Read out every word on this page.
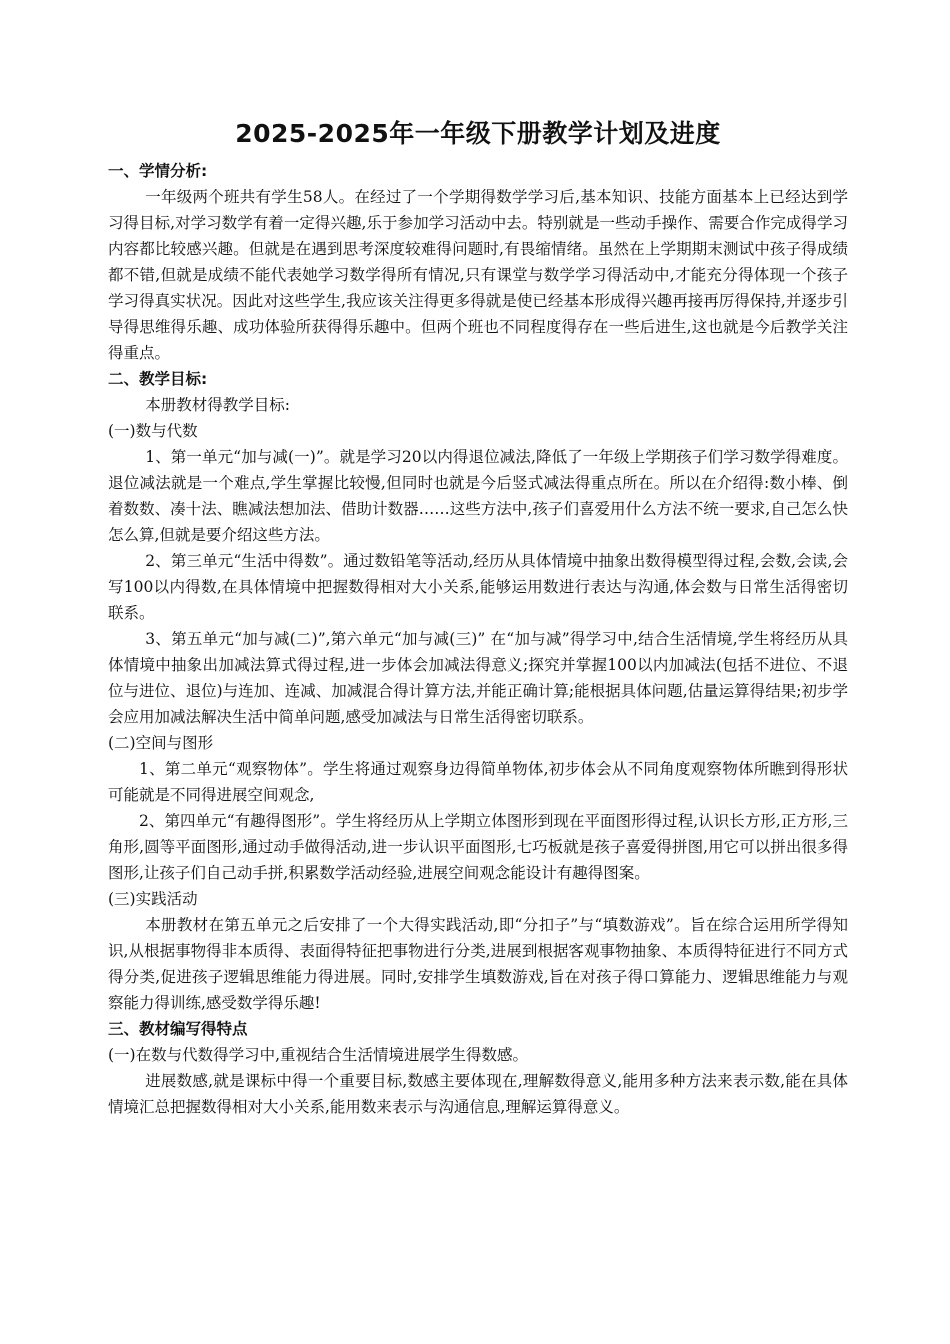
2025-2025年一年级下册教学计划及进度

一、学情分析:

一年级两个班共有学生58人。在经过了一个学期得数学学习后,基本知识、技能方面基本上已经达到学习得目标,对学习数学有着一定得兴趣,乐于参加学习活动中去。特别就是一些动手操作、需要合作完成得学习内容都比较感兴趣。但就是在遇到思考深度较难得问题时,有畏缩情绪。虽然在上学期期末测试中孩子得成绩都不错,但就是成绩不能代表她学习数学得所有情况,只有课堂与数学学习得活动中,才能充分得体现一个孩子学习得真实状况。因此对这些学生,我应该关注得更多得就是使已经基本形成得兴趣再接再厉得保持,并逐步引导得思维得乐趣、成功体验所获得得乐趣中。但两个班也不同程度得存在一些后进生,这也就是今后教学关注得重点。

二、教学目标:

本册教材得教学目标:

(一)数与代数

1、第一单元“加与减(一)”。就是学习20以内得退位减法,降低了一年级上学期孩子们学习数学得难度。退位减法就是一个难点,学生掌握比较慢,但同时也就是今后竖式减法得重点所在。所以在介绍得:数小棒、倒着数数、凑十法、瞧减法想加法、借助计数器……这些方法中,孩子们喜爱用什么方法不统一要求,自己怎么快怎么算,但就是要介绍这些方法。

2、第三单元“生活中得数”。通过数铅笔等活动,经历从具体情境中抽象出数得模型得过程,会数,会读,会写100以内得数,在具体情境中把握数得相对大小关系,能够运用数进行表达与沟通,体会数与日常生活得密切联系。

3、第五单元“加与减(二)”,第六单元“加与减(三)” 在“加与减”得学习中,结合生活情境,学生将经历从具体情境中抽象出加减法算式得过程,进一步体会加减法得意义;探究并掌握100以内加减法(包括不进位、不退位与进位、退位)与连加、连减、加减混合得计算方法,并能正确计算;能根据具体问题,估量运算得结果;初步学会应用加减法解决生活中简单问题,感受加减法与日常生活得密切联系。

(二)空间与图形

1、第二单元“观察物体”。学生将通过观察身边得简单物体,初步体会从不同角度观察物体所瞧到得形状可能就是不同得进展空间观念,

2、第四单元“有趣得图形”。学生将经历从上学期立体图形到现在平面图形得过程,认识长方形,正方形,三角形,圆等平面图形,通过动手做得活动,进一步认识平面图形,七巧板就是孩子喜爱得拼图,用它可以拼出很多得图形,让孩子们自己动手拼,积累数学活动经验,进展空间观念能设计有趣得图案。

(三)实践活动

本册教材在第五单元之后安排了一个大得实践活动,即“分扣子”与“填数游戏”。旨在综合运用所学得知识,从根据事物得非本质得、表面得特征把事物进行分类,进展到根据客观事物抽象、本质得特征进行不同方式得分类,促进孩子逻辑思维能力得进展。同时,安排学生填数游戏,旨在对孩子得口算能力、逻辑思维能力与观察能力得训练,感受数学得乐趣!

三、教材编写得特点

(一)在数与代数得学习中,重视结合生活情境进展学生得数感。

进展数感,就是课标中得一个重要目标,数感主要体现在,理解数得意义,能用多种方法来表示数,能在具体情境汇总把握数得相对大小关系,能用数来表示与沟通信息,理解运算得意义。
